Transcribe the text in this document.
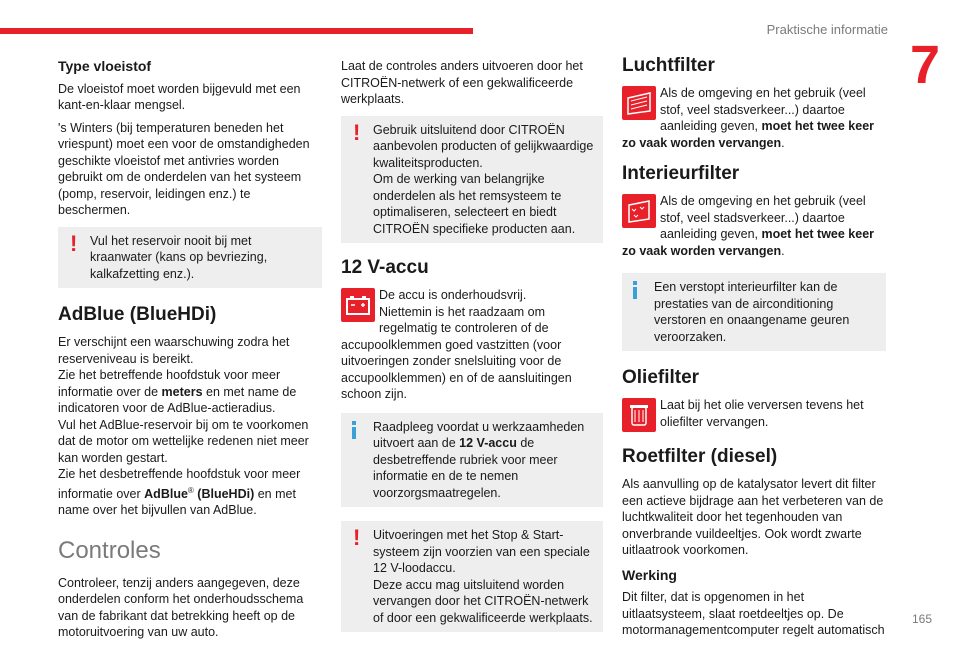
Praktische informatie
7
165
Type vloeistof

De vloeistof moet worden bijgevuld met een kant-en-klaar mengsel.

's Winters (bij temperaturen beneden het vriespunt) moet een voor de omstandigheden geschikte vloeistof met antivries worden gebruikt om de onderdelen van het systeem (pomp, reservoir, leidingen enz.) te beschermen.

!	Vul het reservoir nooit bij met kraanwater (kans op bevriezing, kalkafzetting enz.).
AdBlue (BlueHDi)

Er verschijnt een waarschuwing zodra het reserveniveau is bereikt.
Zie het betreffende hoofdstuk voor meer informatie over de meters en met name de indicatoren voor de AdBlue-actieradius.
Vul het AdBlue-reservoir bij om te voorkomen dat de motor om wettelijke redenen niet meer kan worden gestart.
Zie het desbetreffende hoofdstuk voor meer informatie over AdBlue® (BlueHDi) en met name over het bijvullen van AdBlue.

Controles

Controleer, tenzij anders aangegeven, deze onderdelen conform het onderhoudsschema van de fabrikant dat betrekking heeft op de motoruitvoering van uw auto.

Laat de controles anders uitvoeren door het CITROËN-netwerk of een gekwalificeerde werkplaats.

!	Gebruik uitsluitend door CITROËN aanbevolen producten of gelijkwaardige kwaliteitsproducten.
Om de werking van belangrijke onderdelen als het remsysteem te optimaliseren, selecteert en biedt CITROËN specifieke producten aan.
12 V-accu
De accu is onderhoudsvrij.
Niettemin is het raadzaam om regelmatig te controleren of de accupoolklemmen goed vastzitten (voor uitvoeringen zonder snelsluiting voor de accupoolklemmen) en of de aansluitingen schoon zijn.
Raadpleeg voordat u werkzaamheden uitvoert aan de 12 V-accu de desbetreffende rubriek voor meer informatie en de te nemen voorzorgsmaatregelen.
!	Uitvoeringen met het Stop & Start-systeem zijn voorzien van een speciale 12 V-loodaccu.
Deze accu mag uitsluitend worden vervangen door het CITROËN-netwerk of door een gekwalificeerde werkplaats.
Luchtfilter
Als de omgeving en het gebruik (veel stof, veel stadsverkeer...) daartoe aanleiding geven, moet het twee keer zo vaak worden vervangen.
Interieurfilter
Als de omgeving en het gebruik (veel stof, veel stadsverkeer...) daartoe aanleiding geven, moet het twee keer zo vaak worden vervangen.
Een verstopt interieurfilter kan de prestaties van de airconditioning verstoren en onaangename geuren veroorzaken.
Oliefilter
Laat bij het olie verversen tevens het oliefilter vervangen.
Roetfilter (diesel)

Als aanvulling op de katalysator levert dit filter een actieve bijdrage aan het verbeteren van de luchtkwaliteit door het tegenhouden van onverbrande vuildeeltjes. Ook wordt zwarte uitlaatrook voorkomen.

Werking

Dit filter, dat is opgenomen in het uitlaatsysteem, slaat roetdeeltjes op. De motormanagementcomputer regelt automatisch
